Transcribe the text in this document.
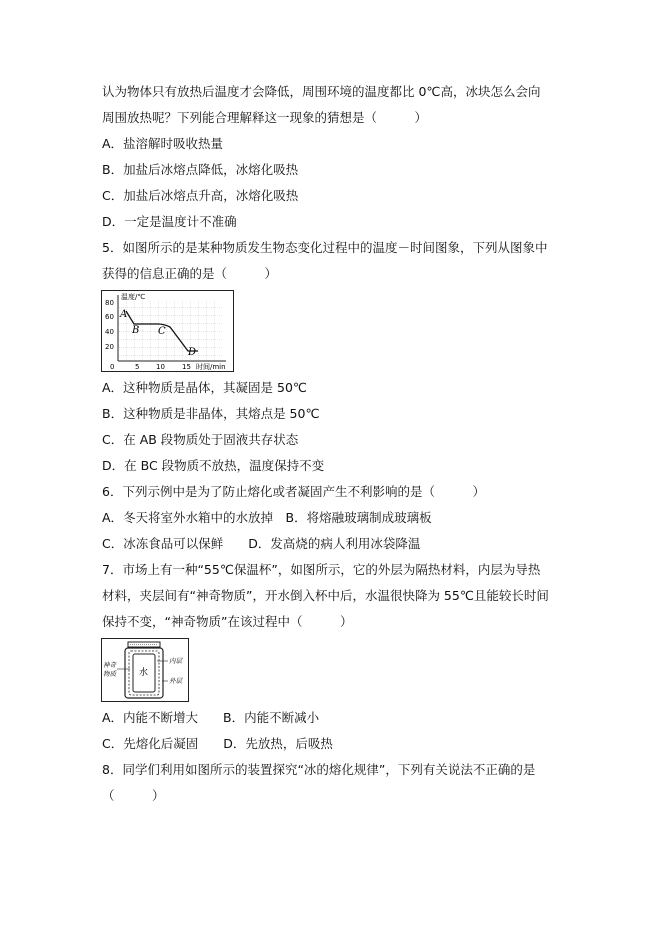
认为物体只有放热后温度才会降低，周围环境的温度都比 0℃高，冰块怎么会向
周围放热呢？下列能合理解释这一现象的猜想是（　　　）
A．盐溶解时吸收热量
B．加盐后冰熔点降低，冰熔化吸热
C．加盐后冰熔点升高，冰熔化吸热
D．一定是温度计不准确
5．如图所示的是某种物质发生物态变化过程中的温度－时间图象，下列从图象中
获得的信息正确的是（　　　）
温度/℃
80
60
40
20
0	5 10 15 时间/min
A
B C
D
A．这种物质是晶体，其凝固是 50℃
B．这种物质是非晶体，其熔点是 50℃
C．在 AB 段物质处于固液共存状态
D．在 BC 段物质不放热，温度保持不变
6．下列示例中是为了防止熔化或者凝固产生不利影响的是（　　　）
A．冬天将室外水箱中的水放掉　B．将熔融玻璃制成玻璃板
C．冰冻食品可以保鲜　　D．发高烧的病人利用冰袋降温
7．市场上有一种“55℃保温杯”，如图所示，它的外层为隔热材料，内层为导热
材料，夹层间有“神奇物质”，开水倒入杯中后，水温很快降为 55℃且能较长时间
保持不变，“神奇物质”在该过程中（　　　）
水
神奇
物质
内层
外层
A．内能不断增大　　B．内能不断减小
C．先熔化后凝固　　D．先放热，后吸热
8．同学们利用如图所示的装置探究“冰的熔化规律”，下列有关说法不正确的是
（　　　）
